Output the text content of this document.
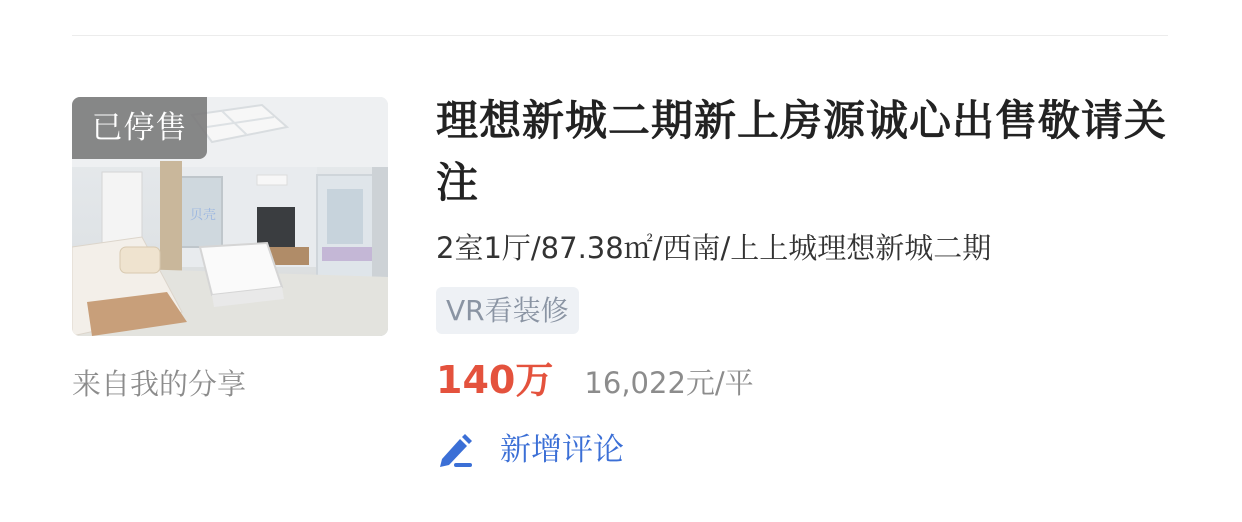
贝壳
已停售
来自我的分享
理想新城二期新上房源诚心出售敬请关注
2室1厅/87.38㎡/西南/上上城理想新城二期
VR看装修
140万 16,022元/平
新增评论
